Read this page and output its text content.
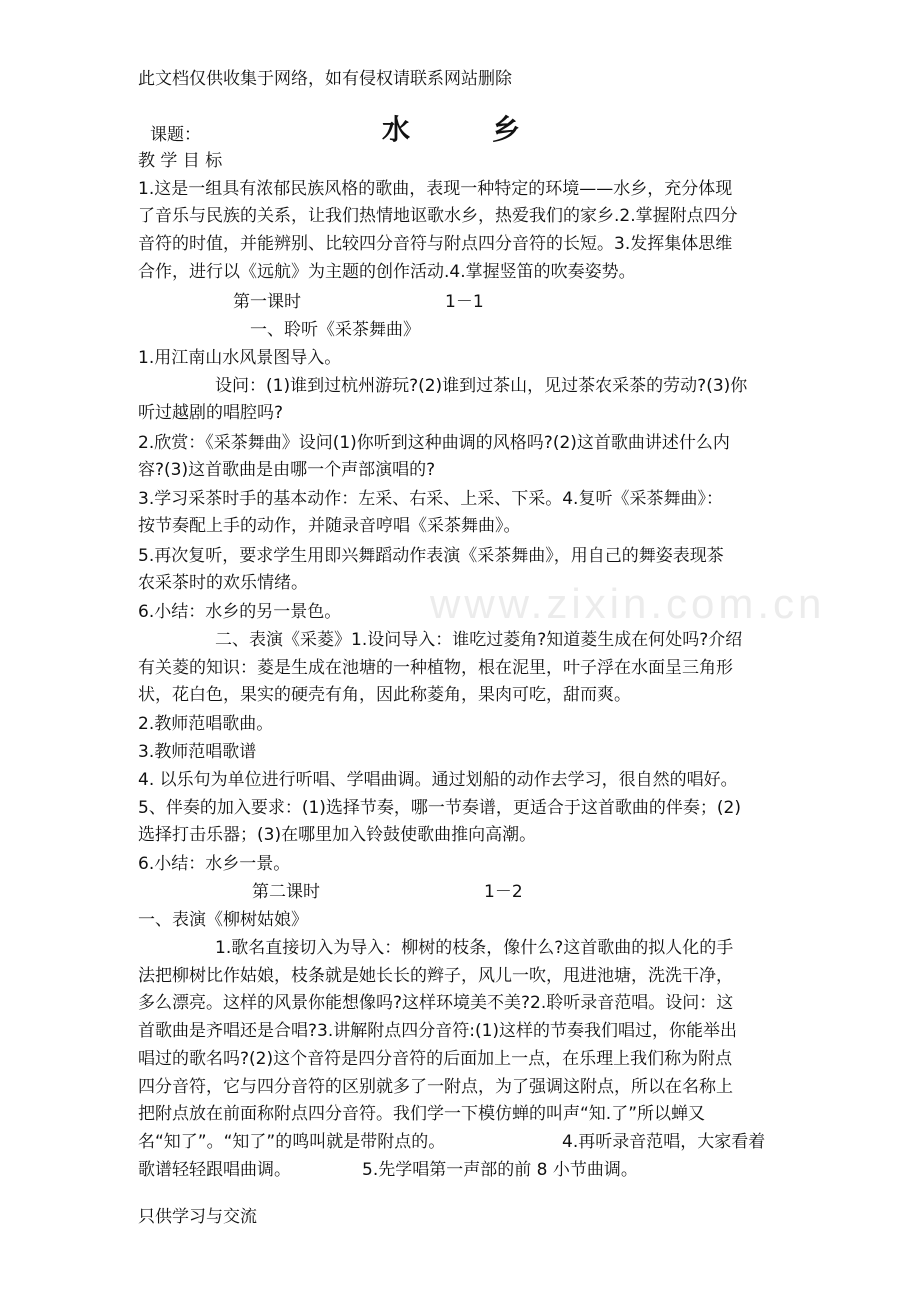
www.zixin.com.cn

此文档仅供收集于网络，如有侵权请联系网站删除

课题：	水	乡

教 学 目 标

1.这是一组具有浓郁民族风格的歌曲，表现一种特定的环境——水乡，充分体现

了音乐与民族的关系，让我们热情地讴歌水乡，热爱我们的家乡.2.掌握附点四分

音符的时值，并能辨别、比较四分音符与附点四分音符的长短。3.发挥集体思维

合作，进行以《远航》为主题的创作活动.4.掌握竖笛的吹奏姿势。

第一课时	1－1

一、聆听《采茶舞曲》

1.用江南山水风景图导入。

设问：(1)谁到过杭州游玩?(2)谁到过茶山，见过茶农采茶的劳动?(3)你

听过越剧的唱腔吗?

2.欣赏：《采茶舞曲》设问(1)你听到这种曲调的风格吗?(2)这首歌曲讲述什么内

容?(3)这首歌曲是由哪一个声部演唱的?

3.学习采茶时手的基本动作：左采、右采、上采、下采。4.复听《采茶舞曲》：

按节奏配上手的动作，并随录音哼唱《采茶舞曲》。

5.再次复听，要求学生用即兴舞蹈动作表演《采茶舞曲》，用自己的舞姿表现茶

农采茶时的欢乐情绪。

6.小结：水乡的另一景色。

二、表演《采菱》1.设问导入：谁吃过菱角?知道菱生成在何处吗?介绍

有关菱的知识：菱是生成在池塘的一种植物，根在泥里，叶子浮在水面呈三角形

状，花白色，果实的硬壳有角，因此称菱角，果肉可吃，甜而爽。

2.教师范唱歌曲。

3.教师范唱歌谱

4. 以乐句为单位进行听唱、学唱曲调。通过划船的动作去学习，很自然的唱好。

5、伴奏的加入要求：(1)选择节奏，哪一节奏谱，更适合于这首歌曲的伴奏；(2)

选择打击乐器；(3)在哪里加入铃鼓使歌曲推向高潮。

6.小结：水乡一景。

第二课时	1－2

一、表演《柳树姑娘》

1.歌名直接切入为导入：柳树的枝条，像什么?这首歌曲的拟人化的手

法把柳树比作姑娘，枝条就是她长长的辫子，风儿一吹，甩进池塘，洗洗干净，

多么漂亮。这样的风景你能想像吗?这样环境美不美?2.聆听录音范唱。设问：这

首歌曲是齐唱还是合唱?3.讲解附点四分音符:(1)这样的节奏我们唱过，你能举出

唱过的歌名吗?(2)这个音符是四分音符的后面加上一点，在乐理上我们称为附点

四分音符，它与四分音符的区别就多了一附点，为了强调这附点，所以在名称上

把附点放在前面称附点四分音符。我们学一下模仿蝉的叫声“知.了”所以蝉又

名“知了”。“知了”的鸣叫就是带附点的。	4.再听录音范唱，大家看着

歌谱轻轻跟唱曲调。	5.先学唱第一声部的前 8 小节曲调。

只供学习与交流
